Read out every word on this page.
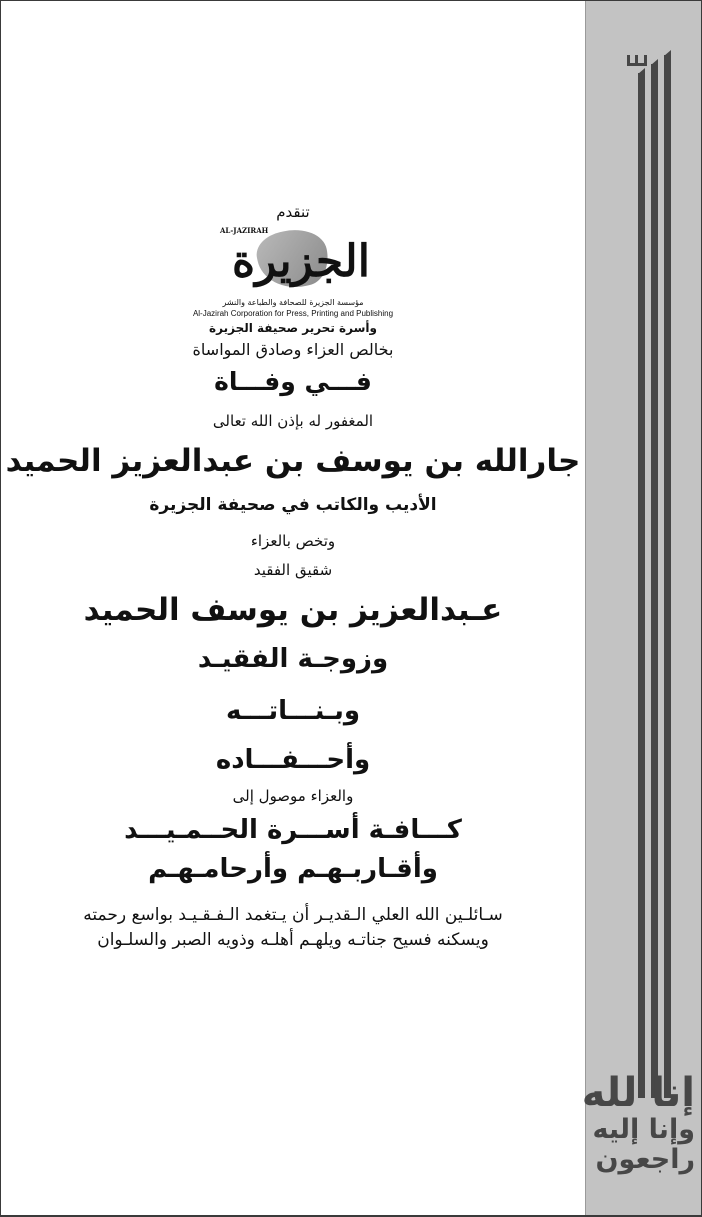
تنقدم
AL-JAZIRAH
الجزيرة
مؤسسة الجزيرة للصحافة والطباعة والنشر
Al-Jazirah Corporation for Press, Printing and Publishing
وأسرة تحرير صحيفة الجزيرة
بخالص العزاء وصادق المواساة
فـــي وفـــاة
المغفور له بإذن الله تعالى
جارالله بن يوسف بن عبدالعزيز الحميد
الأديب والكاتب في صحيفة الجزيرة
وتخص بالعزاء
شقيق الفقيد
عـبدالعزيز بن يوسف الحميد
وزوجـة الفقيـد
وبـنـــاتـــه
وأحـــفـــاده
والعزاء موصول إلى
كـــافـة أســـرة الحــمـيـــد
وأقـاربـهـم وأرحامـهـم
سـائلـين الله العلي الـقديـر أن يـتغمد الـفـقـيـد بواسع رحمته
ويسكنه فسيح جناتـه ويلهـم أهلـه وذويه الصبر والسلـوان
إنا لله
وإنا إليه
راجعون
